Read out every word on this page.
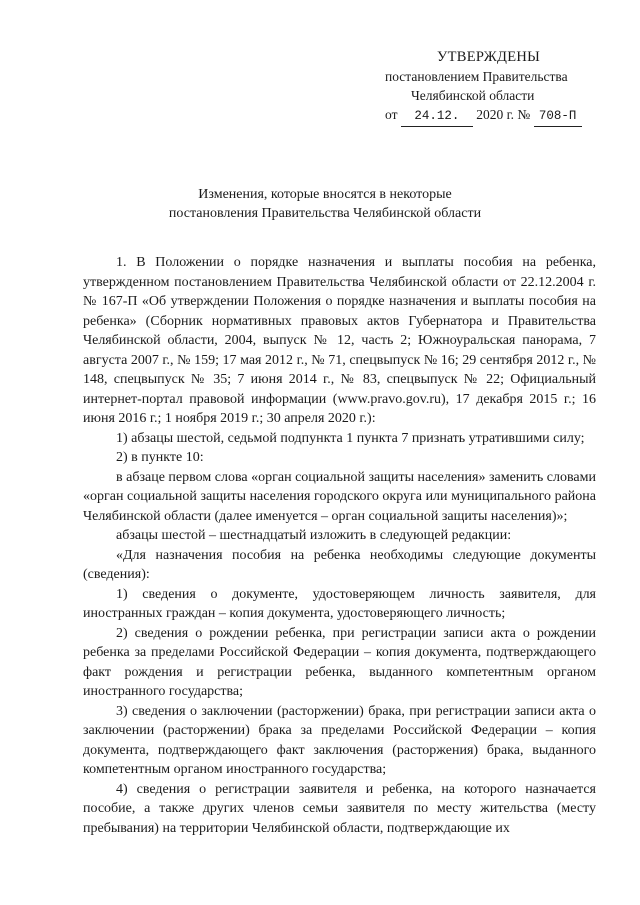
УТВЕРЖДЕНЫ
постановлением Правительства
Челябинской области
от 24.12. 2020 г. № 708-П
Изменения, которые вносятся в некоторые
постановления Правительства Челябинской области

1. В Положении о порядке назначения и выплаты пособия на ребенка, утвержденном постановлением Правительства Челябинской области от 22.12.2004 г. № 167-П «Об утверждении Положения о порядке назначения и выплаты пособия на ребенка» (Сборник нормативных правовых актов Губернатора и Правительства Челябинской области, 2004, выпуск № 12, часть 2; Южноуральская панорама, 7 августа 2007 г., № 159; 17 мая 2012 г., № 71, спецвыпуск № 16; 29 сентября 2012 г., № 148, спецвыпуск № 35; 7 июня 2014 г., № 83, спецвыпуск № 22; Официальный интернет-портал правовой информации (www.pravo.gov.ru), 17 декабря 2015 г.; 16 июня 2016 г.; 1 ноября 2019 г.; 30 апреля 2020 г.):

1) абзацы шестой, седьмой подпункта 1 пункта 7 признать утратившими силу;

2) в пункте 10:

в абзаце первом слова «орган социальной защиты населения» заменить словами «орган социальной защиты населения городского округа или муниципального района Челябинской области (далее именуется – орган социальной защиты населения)»;

абзацы шестой – шестнадцатый изложить в следующей редакции:

«Для назначения пособия на ребенка необходимы следующие документы (сведения):

1) сведения о документе, удостоверяющем личность заявителя, для иностранных граждан – копия документа, удостоверяющего личность;

2) сведения о рождении ребенка, при регистрации записи акта о рождении ребенка за пределами Российской Федерации – копия документа, подтверждающего факт рождения и регистрации ребенка, выданного компетентным органом иностранного государства;

3) сведения о заключении (расторжении) брака, при регистрации записи акта о заключении (расторжении) брака за пределами Российской Федерации – копия документа, подтверждающего факт заключения (расторжения) брака, выданного компетентным органом иностранного государства;

4) сведения о регистрации заявителя и ребенка, на которого назначается пособие, а также других членов семьи заявителя по месту жительства (месту пребывания) на территории Челябинской области, подтверждающие их
